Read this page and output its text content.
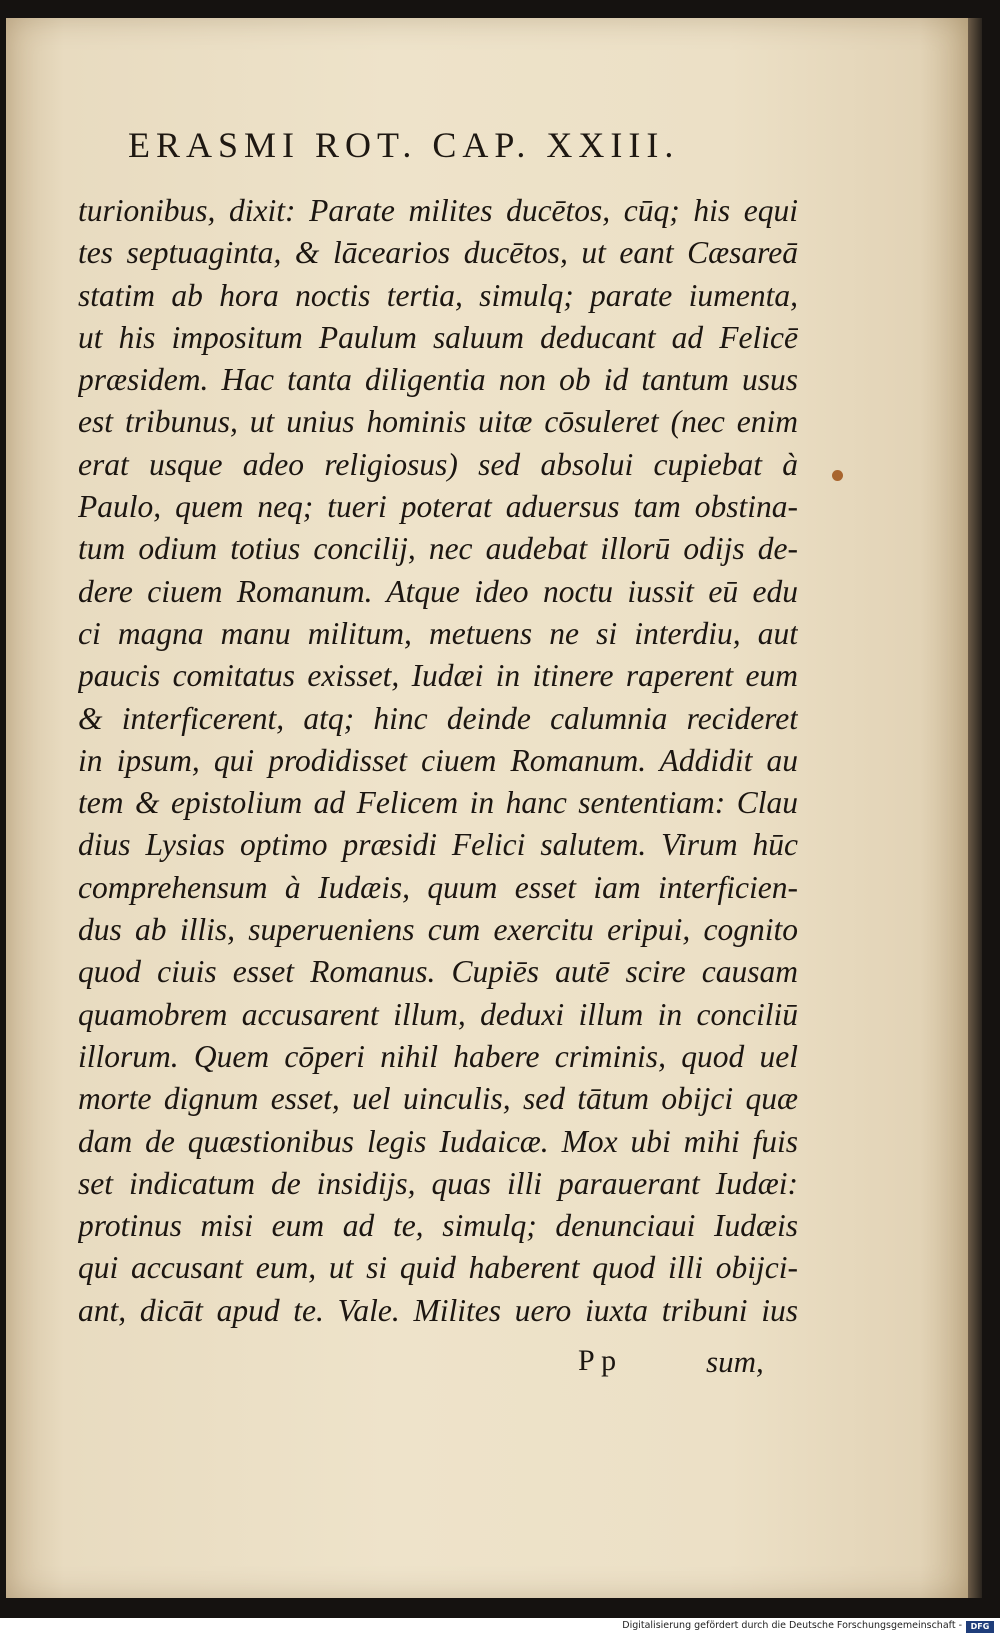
ERASMI ROT. CAP. XXIII.
turionibus, dixit: Parate milites ducētos, cūq; his equi
tes septuaginta, & lācearios ducētos, ut eant Cæsareā
statim ab hora noctis tertia, simulq; parate iumenta,
ut his impositum Paulum saluum deducant ad Felicē
præsidem. Hac tanta diligentia non ob id tantum usus
est tribunus, ut unius hominis uitæ cōsuleret (nec enim
erat usque adeo religiosus) sed absolui cupiebat à
Paulo, quem neq; tueri poterat aduersus tam obstina-
tum odium totius concilij, nec audebat illorū odijs de-
dere ciuem Romanum. Atque ideo noctu iussit eū edu
ci magna manu militum, metuens ne si interdiu, aut
paucis comitatus exisset, Iudæi in itinere raperent eum
& interficerent, atq; hinc deinde calumnia recideret
in ipsum, qui prodidisset ciuem Romanum. Addidit au
tem & epistolium ad Felicem in hanc sententiam: Clau
dius Lysias optimo præsidi Felici salutem. Virum hūc
comprehensum à Iudæis, quum esset iam interficien-
dus ab illis, superueniens cum exercitu eripui, cognito
quod ciuis esset Romanus. Cupiēs autē scire causam
quamobrem accusarent illum, deduxi illum in conciliū
illorum. Quem cōperi nihil habere criminis, quod uel
morte dignum esset, uel uinculis, sed tātum obijci quæ
dam de quæstionibus legis Iudaicæ. Mox ubi mihi fuis
set indicatum de insidijs, quas illi parauerant Iudæi:
protinus misi eum ad te, simulq; denunciaui Iudæis
qui accusant eum, ut si quid haberent quod illi obijci-
ant, dicāt apud te. Vale. Milites uero iuxta tribuni ius
P p	sum,
Digitalisierung gefördert durch die Deutsche Forschungsgemeinschaft -	DFG
